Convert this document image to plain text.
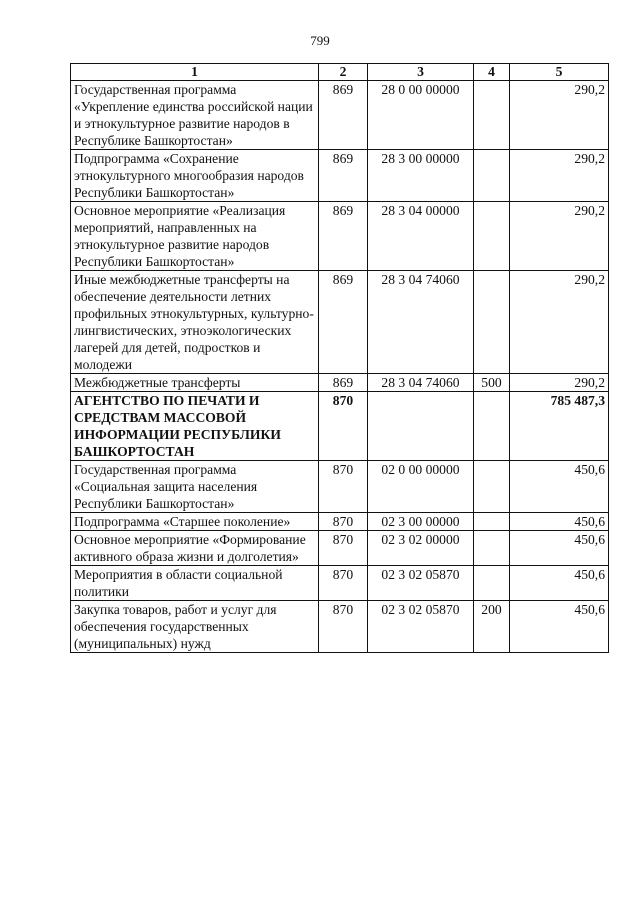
799
1	2	3	4	5
Государственная программа «Укрепление единства российской нации и этнокультурное развитие народов в Республике Башкортостан»	869	28 0 00 00000		290,2
Подпрограмма «Сохранение этнокультурного многообразия народов Республики Башкортостан»	869	28 3 00 00000		290,2
Основное мероприятие «Реализация мероприятий, направленных на этнокультурное развитие народов Республики Башкортостан»	869	28 3 04 00000		290,2
Иные межбюджетные трансферты на обеспечение деятельности летних профильных этнокультурных, культурно-лингвистических, этноэкологических лагерей для детей, подростков и молодежи	869	28 3 04 74060		290,2
Межбюджетные трансферты	869	28 3 04 74060	500	290,2
АГЕНТСТВО ПО ПЕЧАТИ И СРЕДСТВАМ МАССОВОЙ ИНФОРМАЦИИ РЕСПУБЛИКИ БАШКОРТОСТАН	870			785 487,3
Государственная программа «Социальная защита населения Республики Башкортостан»	870	02 0 00 00000		450,6
Подпрограмма «Старшее поколение»	870	02 3 00 00000		450,6
Основное мероприятие «Формирование активного образа жизни и долголетия»	870	02 3 02 00000		450,6
Мероприятия в области социальной политики	870	02 3 02 05870		450,6
Закупка товаров, работ и услуг для обеспечения государственных (муниципальных) нужд	870	02 3 02 05870	200	450,6
